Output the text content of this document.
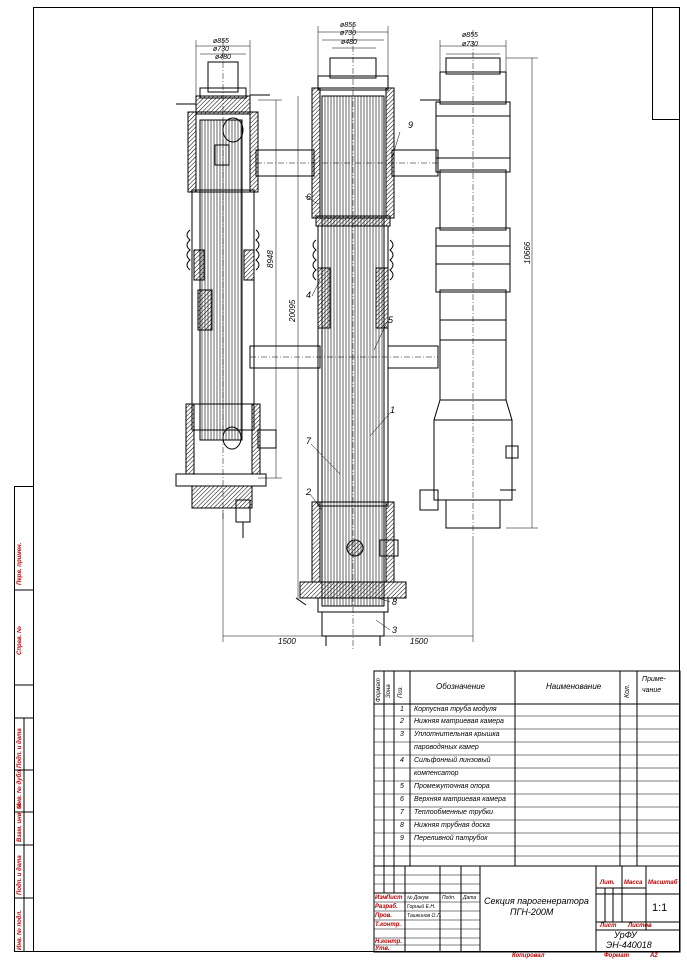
ø855
ø730
ø480
ø855
ø730
ø480
ø855
ø730
8948
20095
10666
1500	1500
9
6
4
5
1
7
2
8
3
Формат Зона Поз.	Обозначение	Наименование	Кол.
Приме-
чание
1 Корпусная труба модуля
2 Нижняя матриевая камера
3 Уплотнительная крышка
пароводяных камер
4 Сильфонный линзовый
компенсатор
5 Промежуточная опора
6 Верхняя матриевая камера
7 Теплообменные трубки
8 Нижняя трубная доска
9 Переливной патрубок
Изм Лист № Докум. Подп. Дата
Разраб. Горный Е.Н.
Пров.	Ташкинов О.Л.
Т.контр.
Н.контр.
Утв.
Секция парогенератора
ПГН-200М
Лит. Масса Масштаб
1:1
Лист Листов
УрФУ
ЭН-440018
Копировал	Формат	А2
Перв. примен.
Справ. №
Подп. и дата
Инв. № дубл.
Взам. инв. №
Подп. и дата
Инв. № подл.
